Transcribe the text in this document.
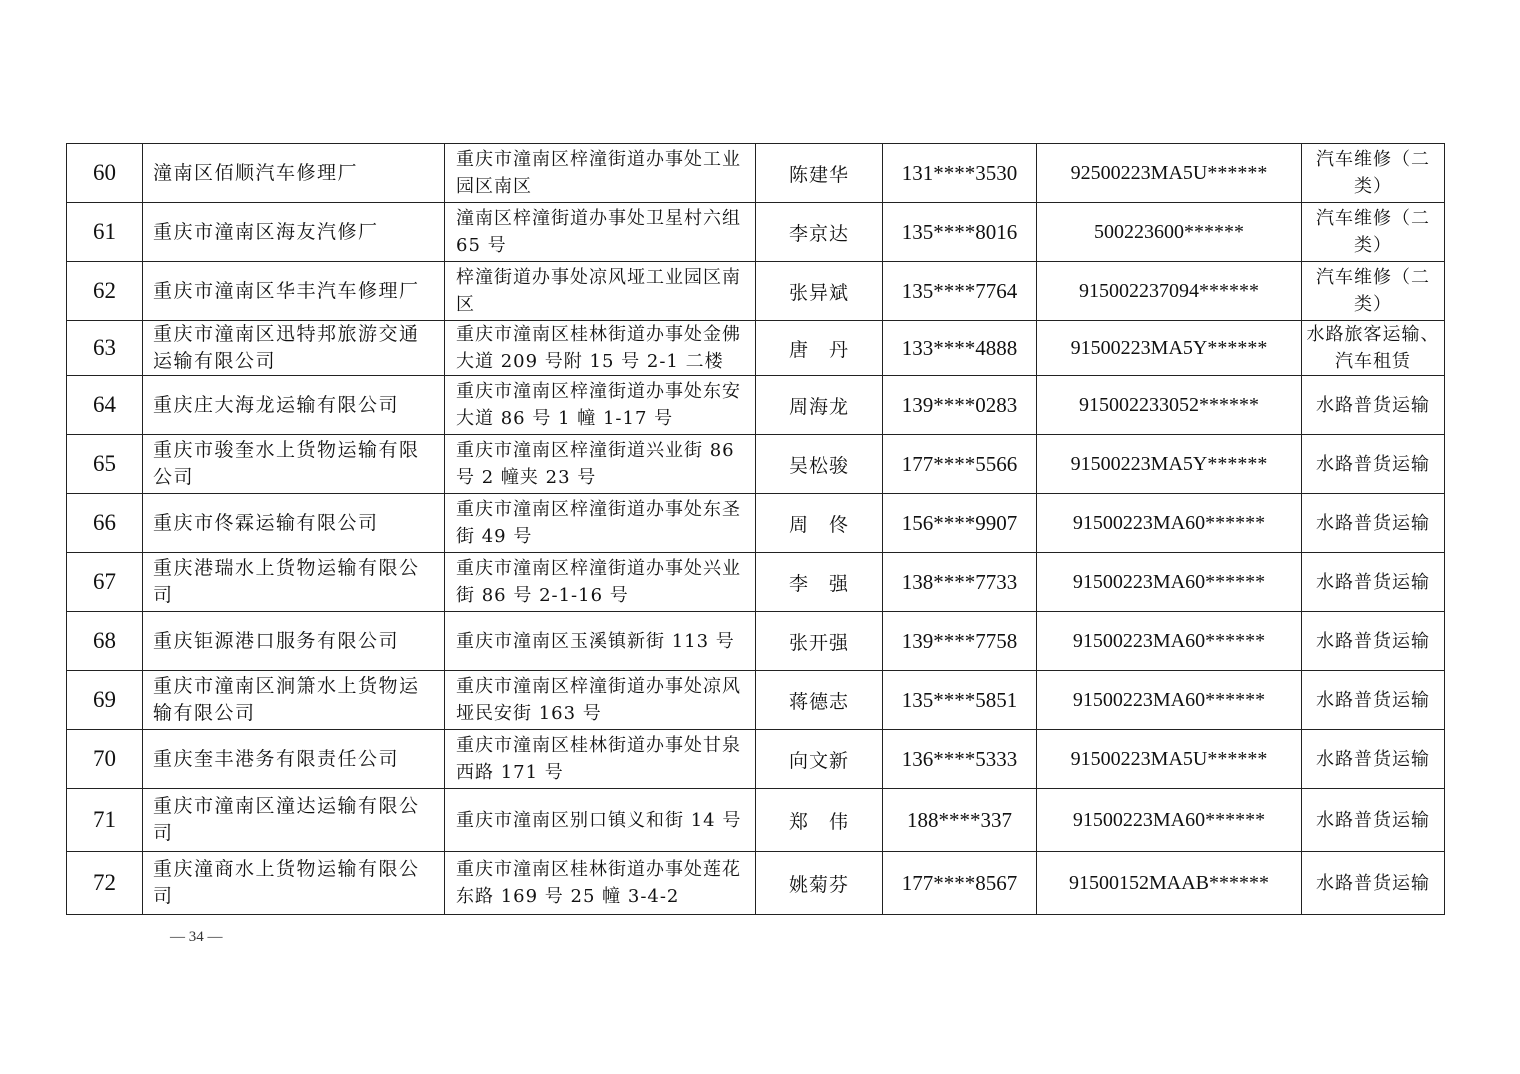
60	潼南区佰顺汽车修理厂	重庆市潼南区梓潼街道办事处工业园区南区	陈建华	131****3530	92500223MA5U******	汽车维修（二类）
61	重庆市潼南区海友汽修厂	潼南区梓潼街道办事处卫星村六组 65 号	李京达	135****8016	500223600******	汽车维修（二类）
62	重庆市潼南区华丰汽车修理厂	梓潼街道办事处凉风垭工业园区南区	张异斌	135****7764	915002237094******	汽车维修（二类）
63	重庆市潼南区迅特邦旅游交通运输有限公司	重庆市潼南区桂林街道办事处金佛大道 209 号附 15 号 2-1 二楼	唐　丹	133****4888	91500223MA5Y******	水路旅客运输、汽车租赁
64	重庆庄大海龙运输有限公司	重庆市潼南区梓潼街道办事处东安大道 86 号 1 幢 1-17 号	周海龙	139****0283	915002233052******	水路普货运输
65	重庆市骏奎水上货物运输有限公司	重庆市潼南区梓潼街道兴业街 86 号 2 幢夹 23 号	吴松骏	177****5566	91500223MA5Y******	水路普货运输
66	重庆市佟霖运输有限公司	重庆市潼南区梓潼街道办事处东圣街 49 号	周　佟	156****9907	91500223MA60******	水路普货运输
67	重庆港瑞水上货物运输有限公司	重庆市潼南区梓潼街道办事处兴业街 86 号 2-1-16 号	李　强	138****7733	91500223MA60******	水路普货运输
68	重庆钜源港口服务有限公司	重庆市潼南区玉溪镇新街 113 号	张开强	139****7758	91500223MA60******	水路普货运输
69	重庆市潼南区涧箫水上货物运输有限公司	重庆市潼南区梓潼街道办事处凉风垭民安街 163 号	蒋德志	135****5851	91500223MA60******	水路普货运输
70	重庆奎丰港务有限责任公司	重庆市潼南区桂林街道办事处甘泉西路 171 号	向文新	136****5333	91500223MA5U******	水路普货运输
71	重庆市潼南区潼达运输有限公司	重庆市潼南区别口镇义和街 14 号	郑　伟	188****337	91500223MA60******	水路普货运输
72	重庆潼商水上货物运输有限公司	重庆市潼南区桂林街道办事处莲花东路 169 号 25 幢 3-4-2	姚菊芬	177****8567	91500152MAAB******	水路普货运输
— 34 —
